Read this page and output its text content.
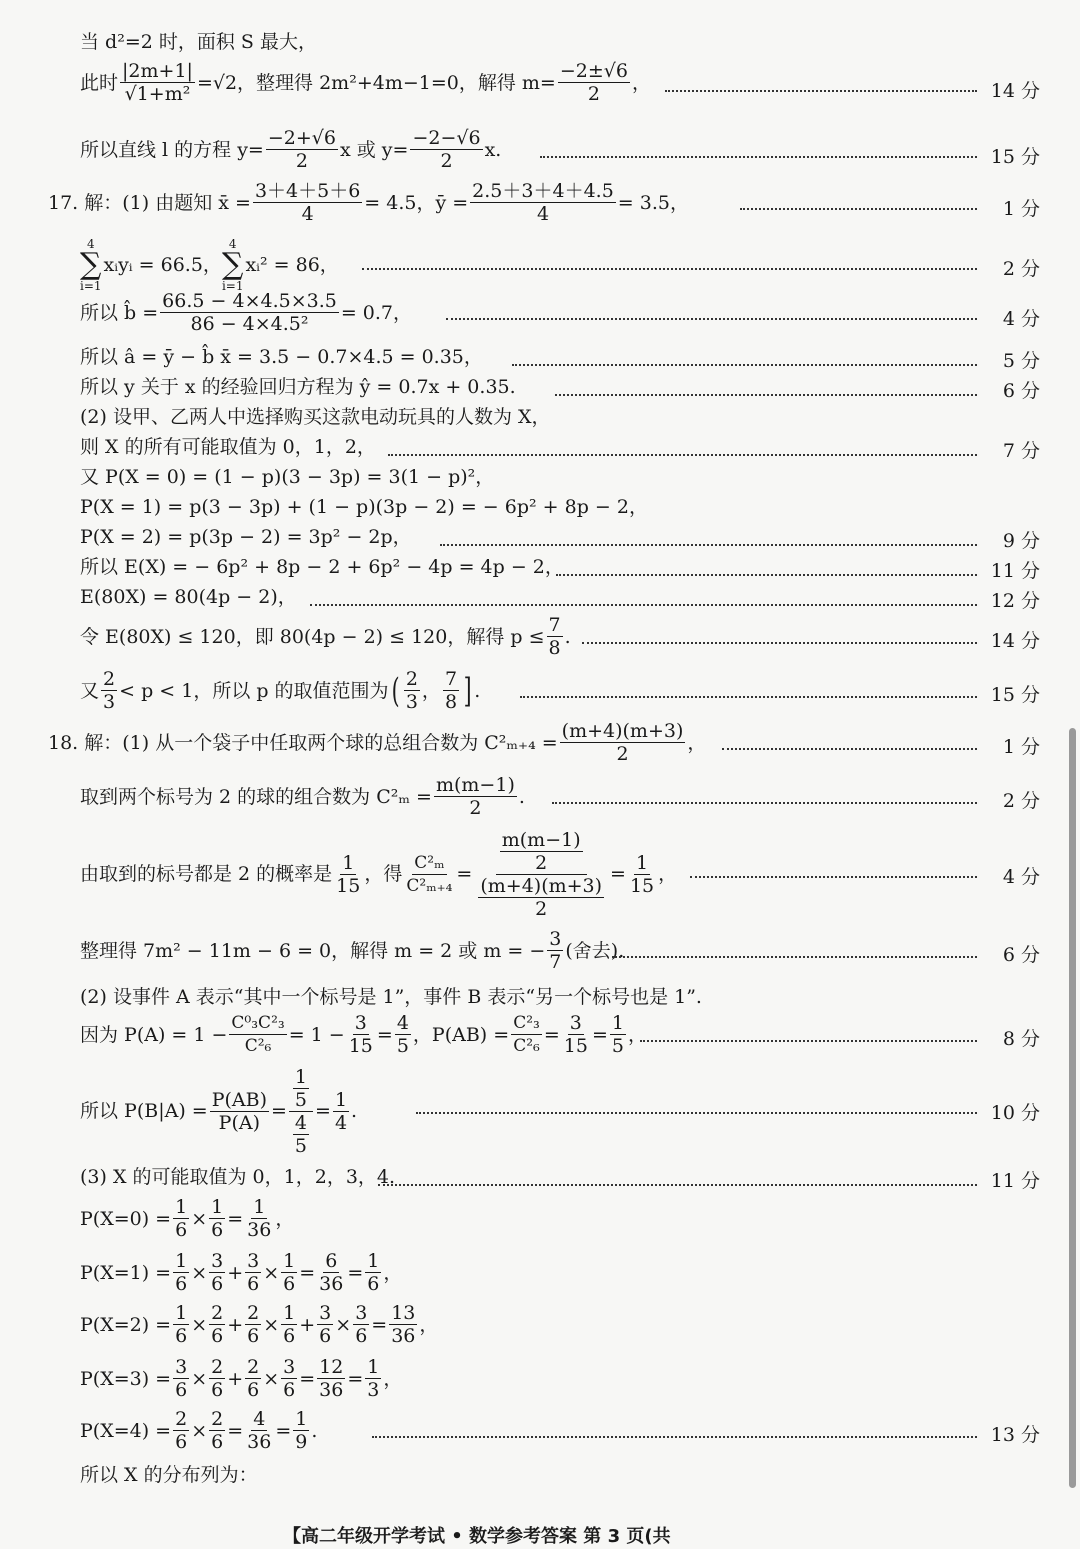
当 d²=2 时，面积 S 最大，
此时 $\frac{|2m+1|}{\text{√1+m²}} =√2$，整理得 2m²+4m−1=0，解得 $m= \frac{-2\pm√6}{2}$ ，	14 分
所以直线 l 的方程 $y= \frac{-2+√6}{2}$ x 或 $y= \frac{-2-√6}{2} x$.	15 分
17. 解：(1) 由题知 x̄ = $\frac{3+4+5+6}{4} = 4.5$，ȳ = $\frac{2.5+3+4+4.5}{4} = 3.5$，	1 分
4
∑
i=1
xᵢyᵢ = 66.5，
4
∑
i=1
xᵢ² = 86，	2 分
所以 b̂ = $\frac{66.5 - 4\times 4.5\times 3.5}{\text{86 − 4×4.5²}} = 0.7$，	4 分
所以 â = ȳ − b̂ x̄ = 3.5 − 0.7×4.5 = 0.35，	5 分
所以 y 关于 x 的经验回归方程为 ŷ = 0.7x + 0.35.	6 分
(2) 设甲、乙两人中选择购买这款电动玩具的人数为 X，
则 X 的所有可能取值为 0，1，2，	7 分
又 P(X = 0) = (1 − p)(3 − 3p) = 3(1 − p)²，
P(X = 1) = p(3 − 3p) + (1 − p)(3p − 2) = − 6p² + 8p − 2，
P(X = 2) = p(3p − 2) = 3p² − 2p，	9 分
所以 E(X) = − 6p² + 8p − 2 + 6p² − 4p = 4p − 2，	11 分
E(80X) = 80(4p − 2)，	12 分
令 E(80X) ≤ 120，即 80(4p − 2) ≤ 120，解得 $p \le \frac{7}{8}$ .	14 分
又
2
3
< p < 1，所以 p 的取值范围为 ( 2
3
，
7
8 ] .	15 分
18. 解：(1) 从一个袋子中任取两个球的总组合数为 $C^2_{m+4} = \frac{(m+4)(m+3)}{2}$ ，	1 分
取到两个标号为 2 的球的组合数为 $C^2_m = \frac{m(m-1)}{2}$ .	2 分
由取到的标号都是 2 的概率是
1
15
，得 $\frac{\text{C²ₘ}}{\text{C²ₘ₊₄}} = \frac{\frac{m(m-1)}{2}}{\frac{(m+4)(m+3)}{2}} = \frac{1}{15}$ ，	4 分
整理得 7m² − 11m − 6 = 0，解得 m = 2 或 m = − $\frac{3}{7}$ (舍去).	6 分
(2) 设事件 A 表示“其中一个标号是 1”，事件 B 表示“另一个标号也是 1”.
因为 $P(A) = 1 - \frac{\text{C⁰₃C²₃}}{\text{C²₆}} = 1 - \frac{3}{15} = \frac{4}{5}$ ，$P(AB) = \frac{\text{C²₃}}{\text{C²₆}} = \frac{3}{15} = \frac{1}{5}$ ，	8 分
所以 $P(B|A) = \frac{P(AB)}{P(A)} = \frac{\frac{1}{5}}{\frac{4}{5}} = \frac{1}{4}$ .	10 分
(3) X 的可能取值为 0，1，2，3，4.	11 分
$P(X=0) = \frac{1}{6} \times \frac{1}{6} = \frac{1}{36}$ ，
$P(X=1) = \frac{1}{6} \times \frac{3}{6} + \frac{3}{6} \times \frac{1}{6} = \frac{6}{36} = \frac{1}{6}$ ，
$P(X=2) = \frac{1}{6} \times \frac{2}{6} + \frac{2}{6} \times \frac{1}{6} + \frac{3}{6} \times \frac{3}{6} = \frac{13}{36}$ ，
$P(X=3) = \frac{3}{6} \times \frac{2}{6} + \frac{2}{6} \times \frac{3}{6} = \frac{12}{36} = \frac{1}{3}$ ，
$P(X=4) = \frac{2}{6} \times \frac{2}{6} = \frac{4}{36} = \frac{1}{9}$ .	13 分
所以 X 的分布列为：
【高二年级开学考试 • 数学参考答案 第 3 页(共
